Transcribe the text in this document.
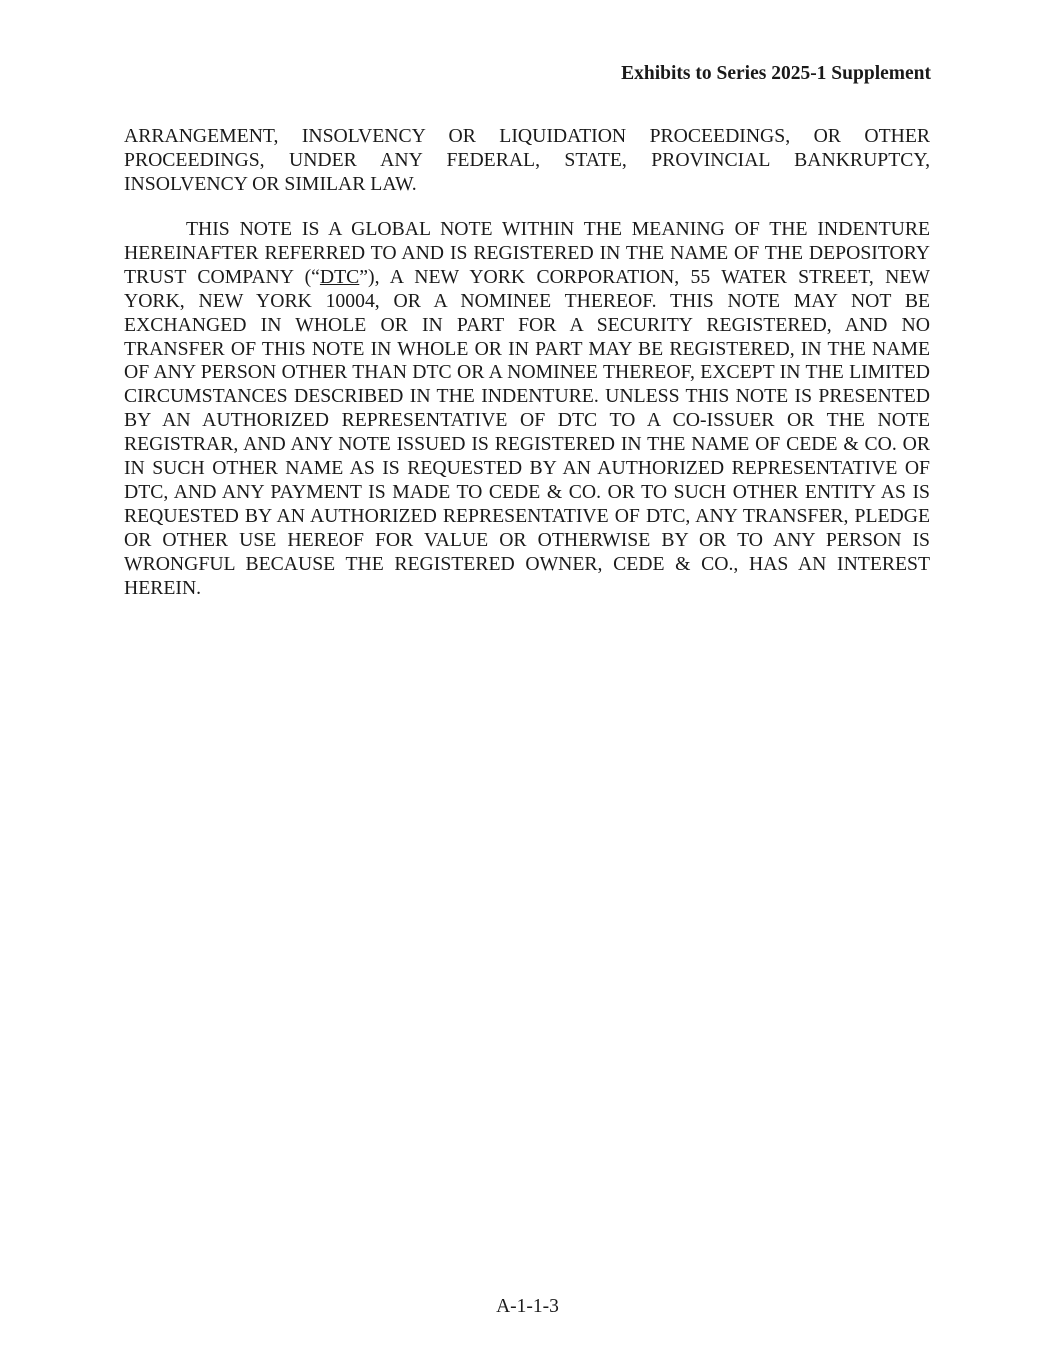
Exhibits to Series 2025-1 Supplement
ARRANGEMENT, INSOLVENCY OR LIQUIDATION PROCEEDINGS, OR OTHER PROCEEDINGS, UNDER ANY FEDERAL, STATE, PROVINCIAL BANKRUPTCY, INSOLVENCY OR SIMILAR LAW.
THIS NOTE IS A GLOBAL NOTE WITHIN THE MEANING OF THE INDENTURE HEREINAFTER REFERRED TO AND IS REGISTERED IN THE NAME OF THE DEPOSITORY TRUST COMPANY (“DTC”), A NEW YORK CORPORATION, 55 WATER STREET, NEW YORK, NEW YORK 10004, OR A NOMINEE THEREOF. THIS NOTE MAY NOT BE EXCHANGED IN WHOLE OR IN PART FOR A SECURITY REGISTERED, AND NO TRANSFER OF THIS NOTE IN WHOLE OR IN PART MAY BE REGISTERED, IN THE NAME OF ANY PERSON OTHER THAN DTC OR A NOMINEE THEREOF, EXCEPT IN THE LIMITED CIRCUMSTANCES DESCRIBED IN THE INDENTURE. UNLESS THIS NOTE IS PRESENTED BY AN AUTHORIZED REPRESENTATIVE OF DTC TO A CO-ISSUER OR THE NOTE REGISTRAR, AND ANY NOTE ISSUED IS REGISTERED IN THE NAME OF CEDE & CO. OR IN SUCH OTHER NAME AS IS REQUESTED BY AN AUTHORIZED REPRESENTATIVE OF DTC, AND ANY PAYMENT IS MADE TO CEDE & CO. OR TO SUCH OTHER ENTITY AS IS REQUESTED BY AN AUTHORIZED REPRESENTATIVE OF DTC, ANY TRANSFER, PLEDGE OR OTHER USE HEREOF FOR VALUE OR OTHERWISE BY OR TO ANY PERSON IS WRONGFUL BECAUSE THE REGISTERED OWNER, CEDE & CO., HAS AN INTEREST HEREIN.
A-1-1-3
